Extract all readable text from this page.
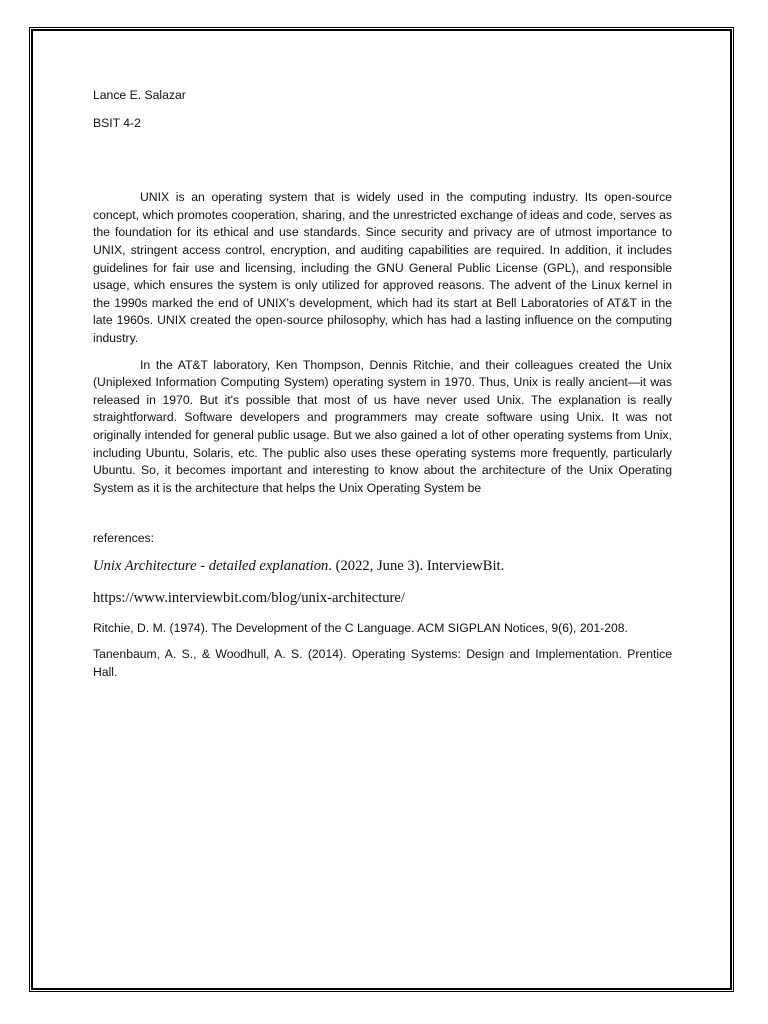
Lance E. Salazar

BSIT 4-2

UNIX is an operating system that is widely used in the computing industry. Its open-source concept, which promotes cooperation, sharing, and the unrestricted exchange of ideas and code, serves as the foundation for its ethical and use standards. Since security and privacy are of utmost importance to UNIX, stringent access control, encryption, and auditing capabilities are required. In addition, it includes guidelines for fair use and licensing, including the GNU General Public License (GPL), and responsible usage, which ensures the system is only utilized for approved reasons. The advent of the Linux kernel in the 1990s marked the end of UNIX's development, which had its start at Bell Laboratories of AT&T in the late 1960s. UNIX created the open-source philosophy, which has had a lasting influence on the computing industry.

In the AT&T laboratory, Ken Thompson, Dennis Ritchie, and their colleagues created the Unix (Uniplexed Information Computing System) operating system in 1970. Thus, Unix is really ancient—it was released in 1970. But it's possible that most of us have never used Unix. The explanation is really straightforward. Software developers and programmers may create software using Unix. It was not originally intended for general public usage. But we also gained a lot of other operating systems from Unix, including Ubuntu, Solaris, etc. The public also uses these operating systems more frequently, particularly Ubuntu. So, it becomes important and interesting to know about the architecture of the Unix Operating System as it is the architecture that helps the Unix Operating System be

references:

Unix Architecture - detailed explanation. (2022, June 3). InterviewBit.

https://www.interviewbit.com/blog/unix-architecture/

Ritchie, D. M. (1974). The Development of the C Language. ACM SIGPLAN Notices, 9(6), 201-208.

Tanenbaum, A. S., & Woodhull, A. S. (2014). Operating Systems: Design and Implementation. Prentice Hall.
